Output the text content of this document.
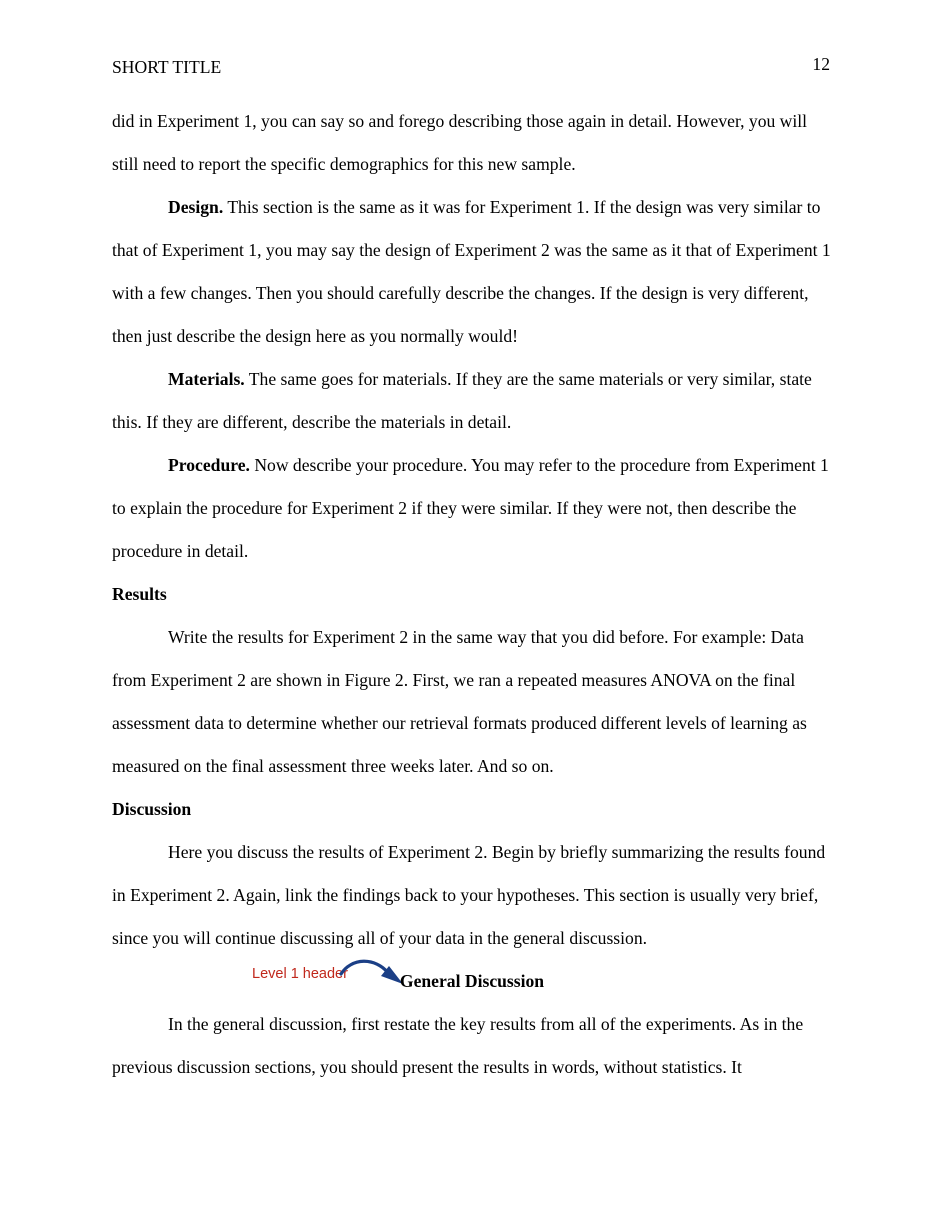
SHORT TITLE	12

did in Experiment 1, you can say so and forego describing those again in detail. However, you will still need to report the specific demographics for this new sample.

Design. This section is the same as it was for Experiment 1. If the design was very similar to that of Experiment 1, you may say the design of Experiment 2 was the same as it that of Experiment 1 with a few changes. Then you should carefully describe the changes. If the design is very different, then just describe the design here as you normally would!

Materials. The same goes for materials. If they are the same materials or very similar, state this. If they are different, describe the materials in detail.

Procedure. Now describe your procedure. You may refer to the procedure from Experiment 1 to explain the procedure for Experiment 2 if they were similar. If they were not, then describe the procedure in detail.

Results

Write the results for Experiment 2 in the same way that you did before. For example: Data from Experiment 2 are shown in Figure 2. First, we ran a repeated measures ANOVA on the final assessment data to determine whether our retrieval formats produced different levels of learning as measured on the final assessment three weeks later. And so on.

Discussion

Here you discuss the results of Experiment 2. Begin by briefly summarizing the results found in Experiment 2. Again, link the findings back to your hypotheses. This section is usually very brief, since you will continue discussing all of your data in the general discussion.

Level 1 header	General Discussion

In the general discussion, first restate the key results from all of the experiments. As in the previous discussion sections, you should present the results in words, without statistics. It
